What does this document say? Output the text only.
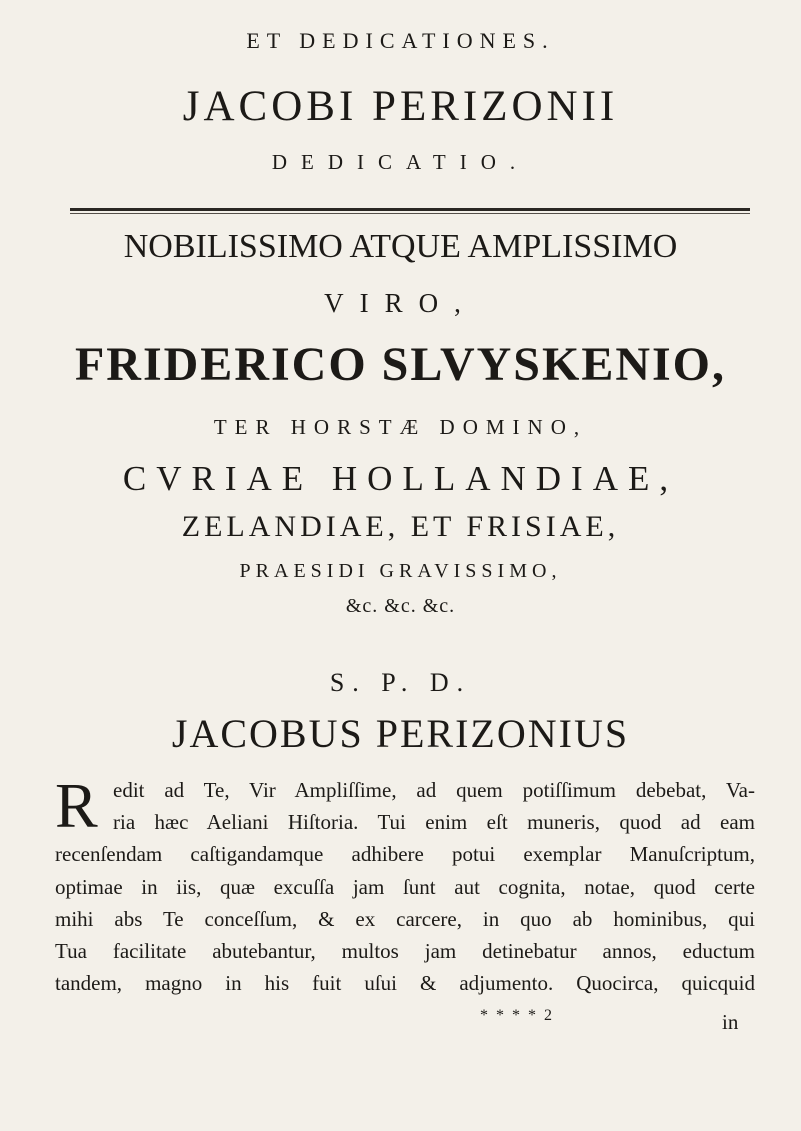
ET DEDICATIONES.
JACOBI PERIZONII
DEDICATIO.
NOBILISSIMO ATQUE AMPLISSIMO
VIRO,
FRIDERICO SLVYSKENIO,
TER HORSTÆ DOMINO,
CVRIAE HOLLANDIAE,
ZELANDIAE, ET FRISIAE,
PRAESIDI GRAVISSIMO,
&c. &c. &c.
S. P. D.
JACOBUS PERIZONIUS
R edit ad Te, Vir Ampliſſime, ad quem potiſſimum debebat, Va-
ria hæc Aeliani Hiſtoria. Tui enim eſt muneris, quod ad eam
recenſendam caſtigandamque adhibere potui exemplar Manuſcriptum,
optimae in iis, quæ excuſſa jam ſunt aut cognita, notae, quod certe
mihi abs Te conceſſum, & ex carcere, in quo ab hominibus, qui
Tua facilitate abutebantur, multos jam detinebatur annos, eductum
tandem, magno in his fuit uſui & adjumento. Quocirca, quicquid
* * * * 2	in
